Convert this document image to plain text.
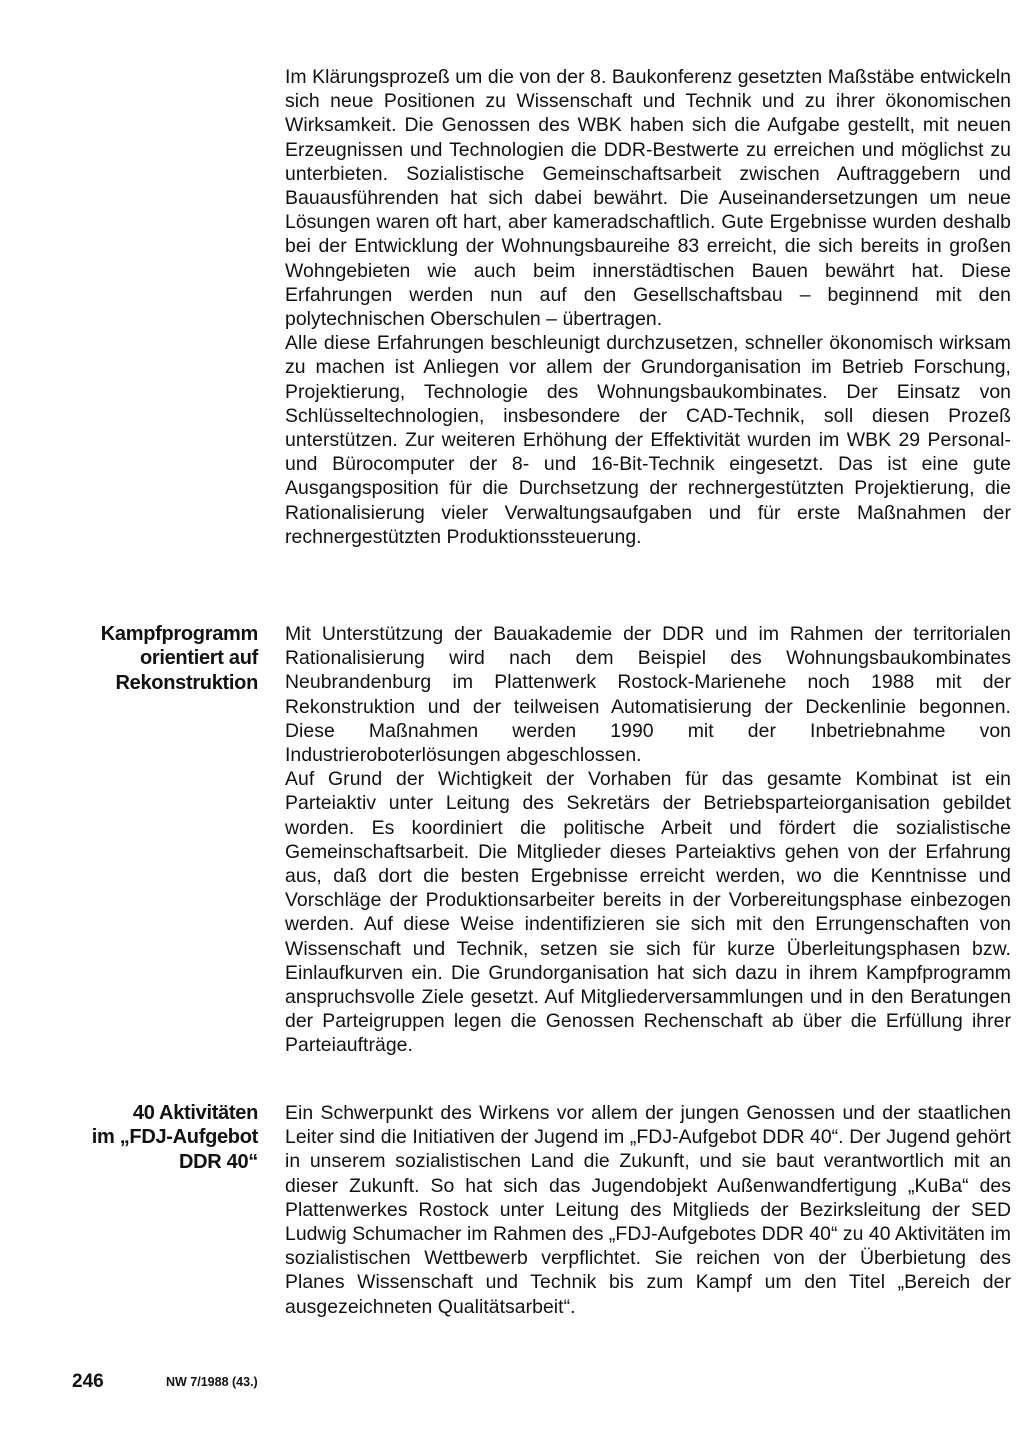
Im Klärungsprozeß um die von der 8. Baukonferenz gesetzten Maßstäbe entwickeln sich neue Positionen zu Wissenschaft und Technik und zu ihrer ökonomischen Wirksamkeit. Die Genossen des WBK haben sich die Aufgabe gestellt, mit neuen Erzeugnissen und Technologien die DDR-Bestwerte zu erreichen und möglichst zu unterbieten. Sozialistische Gemeinschaftsarbeit zwischen Auftraggebern und Bauausführenden hat sich dabei bewährt. Die Auseinandersetzungen um neue Lösungen waren oft hart, aber kameradschaftlich. Gute Ergebnisse wurden deshalb bei der Entwicklung der Wohnungsbaureihe 83 erreicht, die sich bereits in großen Wohngebieten wie auch beim innerstädtischen Bauen bewährt hat. Diese Erfahrungen werden nun auf den Gesellschaftsbau – beginnend mit den polytechnischen Oberschulen – übertragen.

Alle diese Erfahrungen beschleunigt durchzusetzen, schneller ökonomisch wirksam zu machen ist Anliegen vor allem der Grundorganisation im Betrieb Forschung, Projektierung, Technologie des Wohnungsbaukombinates. Der Einsatz von Schlüsseltechnologien, insbesondere der CAD-Technik, soll diesen Prozeß unterstützen. Zur weiteren Erhöhung der Effektivität wurden im WBK 29 Personal- und Bürocomputer der 8- und 16-Bit-Technik eingesetzt. Das ist eine gute Ausgangsposition für die Durchsetzung der rechnergestützten Projektierung, die Rationalisierung vieler Verwaltungsaufgaben und für erste Maßnahmen der rechnergestützten Produktionssteuerung.

Kampfprogramm
orientiert auf
Rekonstruktion

Mit Unterstützung der Bauakademie der DDR und im Rahmen der territorialen Rationalisierung wird nach dem Beispiel des Wohnungsbaukombinates Neubrandenburg im Plattenwerk Rostock-Marienehe noch 1988 mit der Rekonstruktion und der teilweisen Automatisierung der Deckenlinie begonnen. Diese Maßnahmen werden 1990 mit der Inbetriebnahme von Industrieroboterlösungen abgeschlossen.

Auf Grund der Wichtigkeit der Vorhaben für das gesamte Kombinat ist ein Parteiaktiv unter Leitung des Sekretärs der Betriebsparteiorganisation gebildet worden. Es koordiniert die politische Arbeit und fördert die sozialistische Gemeinschaftsarbeit. Die Mitglieder dieses Parteiaktivs gehen von der Erfahrung aus, daß dort die besten Ergebnisse erreicht werden, wo die Kenntnisse und Vorschläge der Produktionsarbeiter bereits in der Vorbereitungsphase einbezogen werden. Auf diese Weise indentifizieren sie sich mit den Errungenschaften von Wissenschaft und Technik, setzen sie sich für kurze Überleitungsphasen bzw. Einlaufkurven ein. Die Grundorganisation hat sich dazu in ihrem Kampfprogramm anspruchsvolle Ziele gesetzt. Auf Mitgliederversammlungen und in den Beratungen der Parteigruppen legen die Genossen Rechenschaft ab über die Erfüllung ihrer Parteiaufträge.

40 Aktivitäten
im „FDJ-Aufgebot
DDR 40“

Ein Schwerpunkt des Wirkens vor allem der jungen Genossen und der staatlichen Leiter sind die Initiativen der Jugend im „FDJ-Aufgebot DDR 40“. Der Jugend gehört in unserem sozialistischen Land die Zukunft, und sie baut verantwortlich mit an dieser Zukunft. So hat sich das Jugendobjekt Außenwandfertigung „KuBa“ des Plattenwerkes Rostock unter Leitung des Mitglieds der Bezirksleitung der SED Ludwig Schumacher im Rahmen des „FDJ-Aufgebotes DDR 40“ zu 40 Aktivitäten im sozialistischen Wettbewerb verpflichtet. Sie reichen von der Überbietung des Planes Wissenschaft und Technik bis zum Kampf um den Titel „Bereich der ausgezeichneten Qualitätsarbeit“.

246	NW 7/1988 (43.)
